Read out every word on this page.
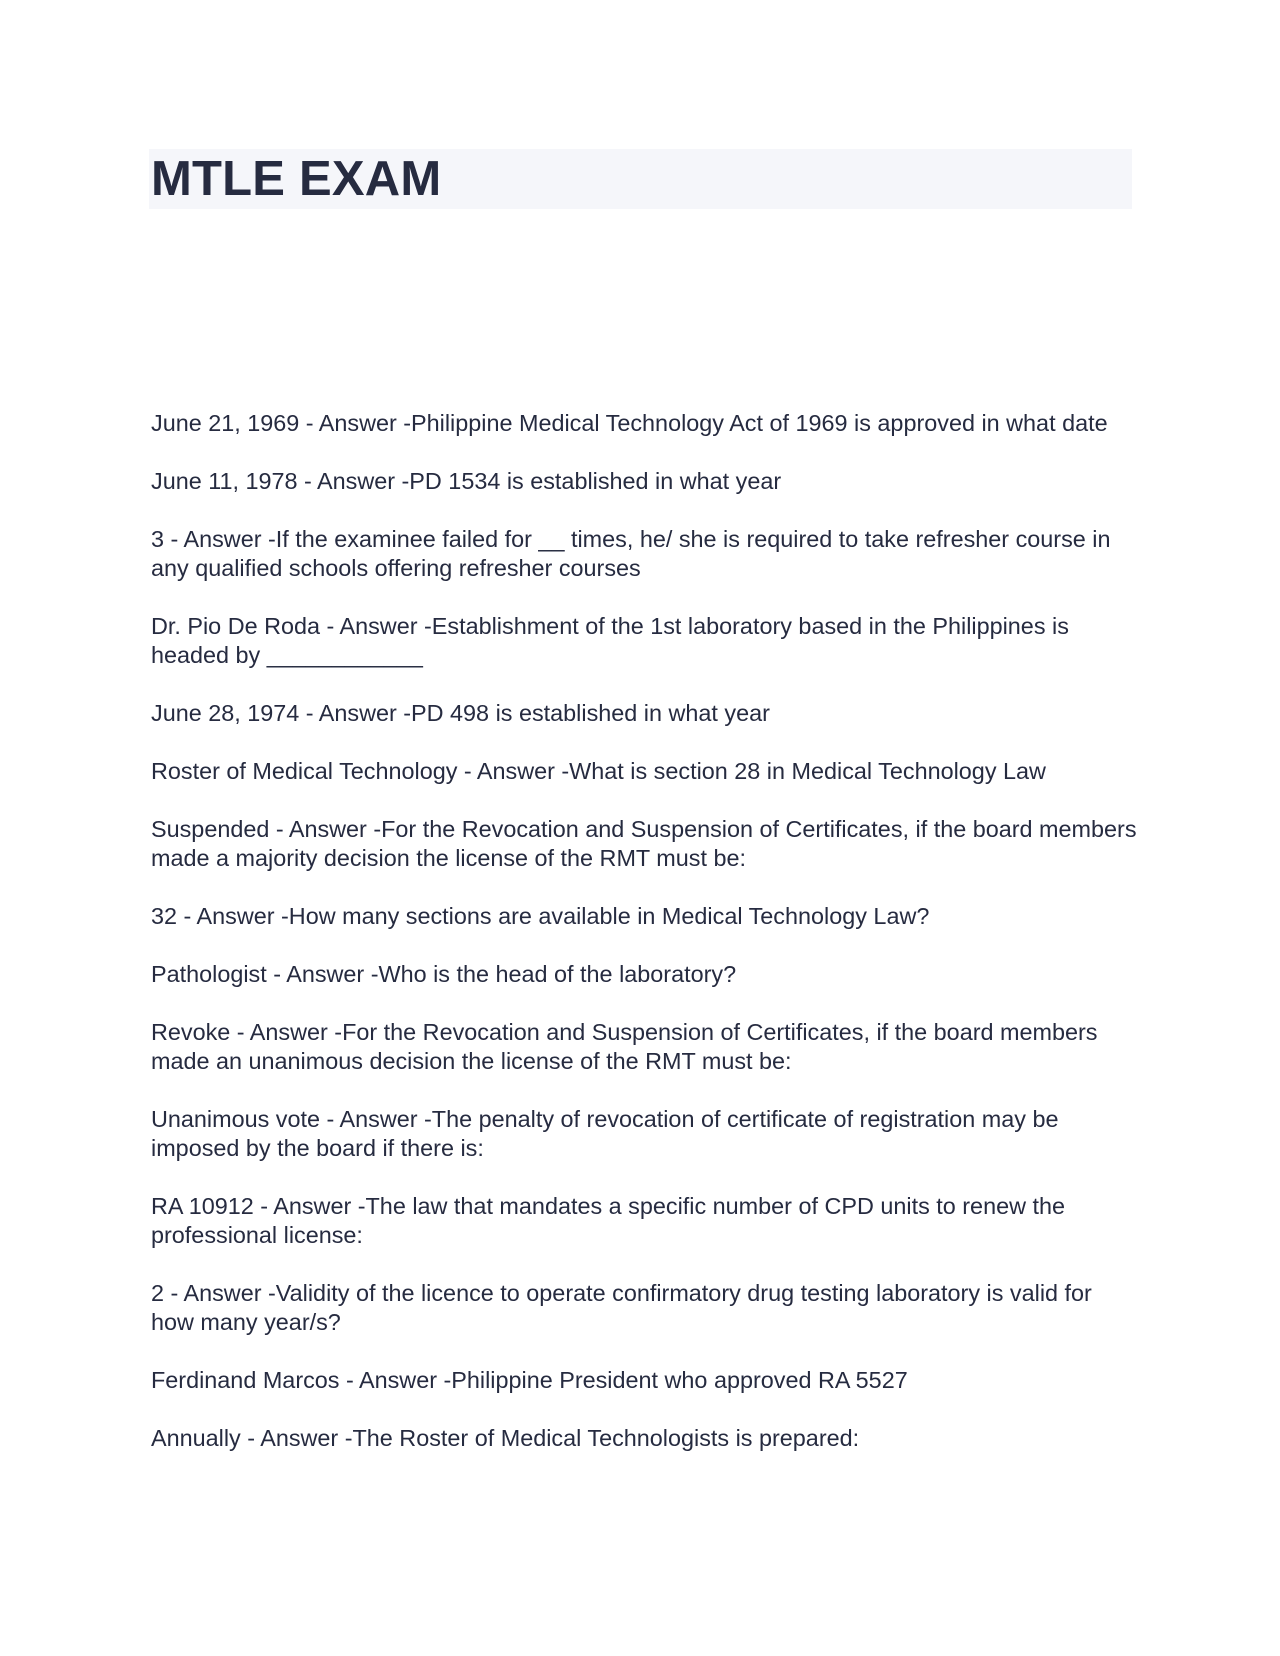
MTLE EXAM
June 21, 1969 - Answer -Philippine Medical Technology Act of 1969 is approved in what date
June 11, 1978 - Answer -PD 1534 is established in what year
3 - Answer -If the examinee failed for __ times, he/ she is required to take refresher course in any qualified schools offering refresher courses
Dr. Pio De Roda - Answer -Establishment of the 1st laboratory based in the Philippines is headed by ____________
June 28, 1974 - Answer -PD 498 is established in what year
Roster of Medical Technology - Answer -What is section 28 in Medical Technology Law
Suspended - Answer -For the Revocation and Suspension of Certificates, if the board members made a majority decision the license of the RMT must be:
32 - Answer -How many sections are available in Medical Technology Law?
Pathologist - Answer -Who is the head of the laboratory?
Revoke - Answer -For the Revocation and Suspension of Certificates, if the board members made an unanimous decision the license of the RMT must be:
Unanimous vote - Answer -The penalty of revocation of certificate of registration may be imposed by the board if there is:
RA 10912 - Answer -The law that mandates a specific number of CPD units to renew the professional license:
2 - Answer -Validity of the licence to operate confirmatory drug testing laboratory is valid for how many year/s?
Ferdinand Marcos - Answer -Philippine President who approved RA 5527
Annually - Answer -The Roster of Medical Technologists is prepared:
